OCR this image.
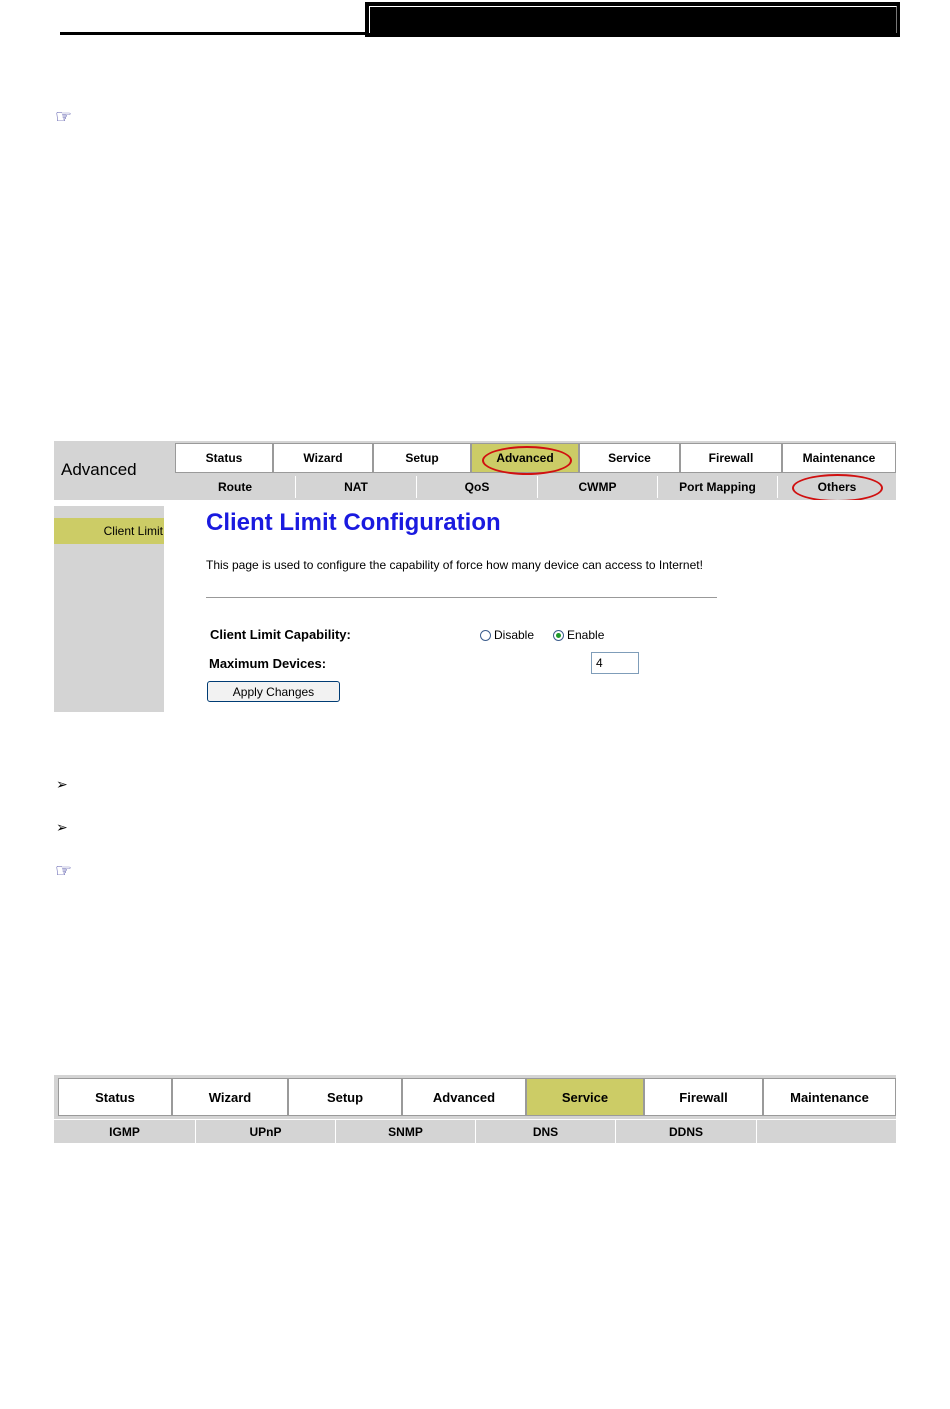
☞
Advanced
Status	Wizard	Setup	Advanced	Service	Firewall	Maintenance
Route	NAT	QoS	CWMP	Port Mapping	Others
Client Limit Client Limit Configuration
This page is used to configure the capability of force how many device can access to Internet!
Client Limit Capability:	Disable	Enable
Maximum Devices:
4
Apply Changes
➢
➢
☞
Status	Wizard	Setup	Advanced	Service	Firewall	Maintenance
IGMP	UPnP	SNMP	DNS	DDNS
